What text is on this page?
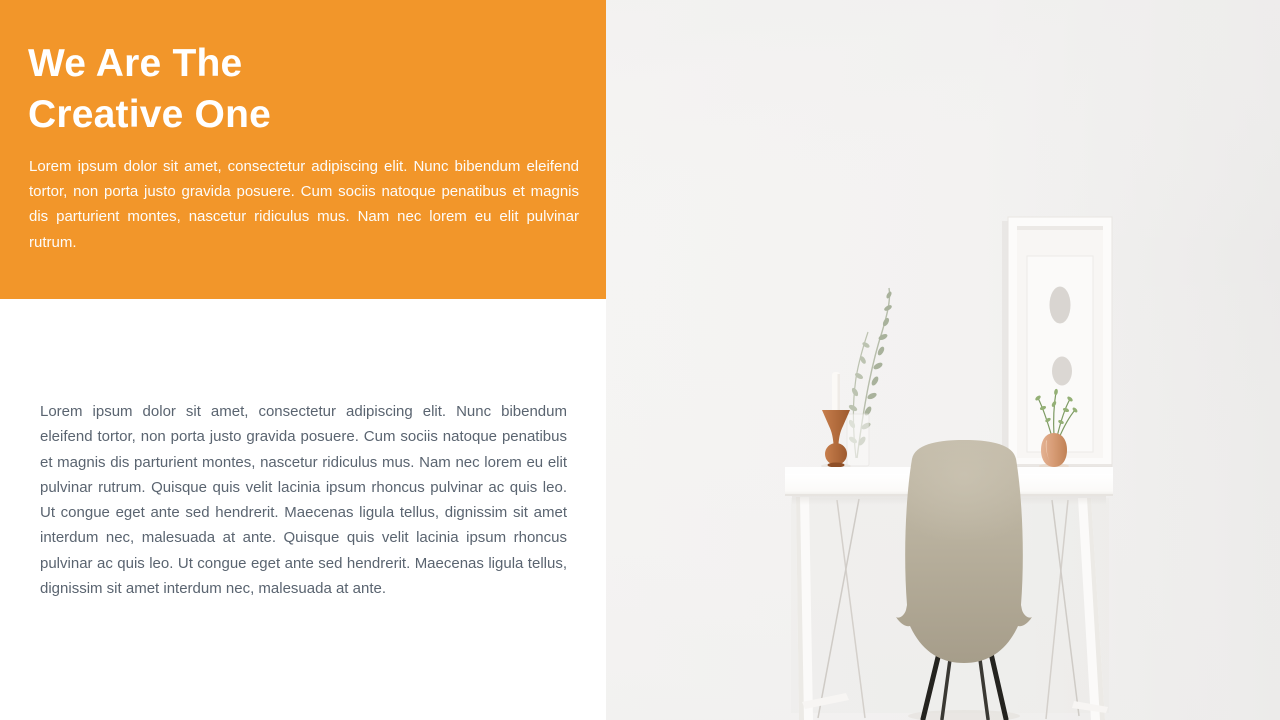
We Are The
Creative One

Lorem ipsum dolor sit amet, consectetur adipiscing elit. Nunc bibendum eleifend tortor, non porta justo gravida posuere. Cum sociis natoque penatibus et magnis dis parturient montes, nascetur ridiculus mus. Nam nec lorem eu elit pulvinar rutrum.

Lorem ipsum dolor sit amet, consectetur adipiscing elit. Nunc bibendum eleifend tortor, non porta justo gravida posuere. Cum sociis natoque penatibus et magnis dis parturient montes, nascetur ridiculus mus. Nam nec lorem eu elit pulvinar rutrum. Quisque quis velit lacinia ipsum rhoncus pulvinar ac quis leo. Ut congue eget ante sed hendrerit. Maecenas ligula tellus, dignissim sit amet interdum nec, malesuada at ante. Quisque quis velit lacinia ipsum rhoncus pulvinar ac quis leo. Ut congue eget ante sed hendrerit. Maecenas ligula tellus, dignissim sit amet interdum nec, malesuada at ante.
